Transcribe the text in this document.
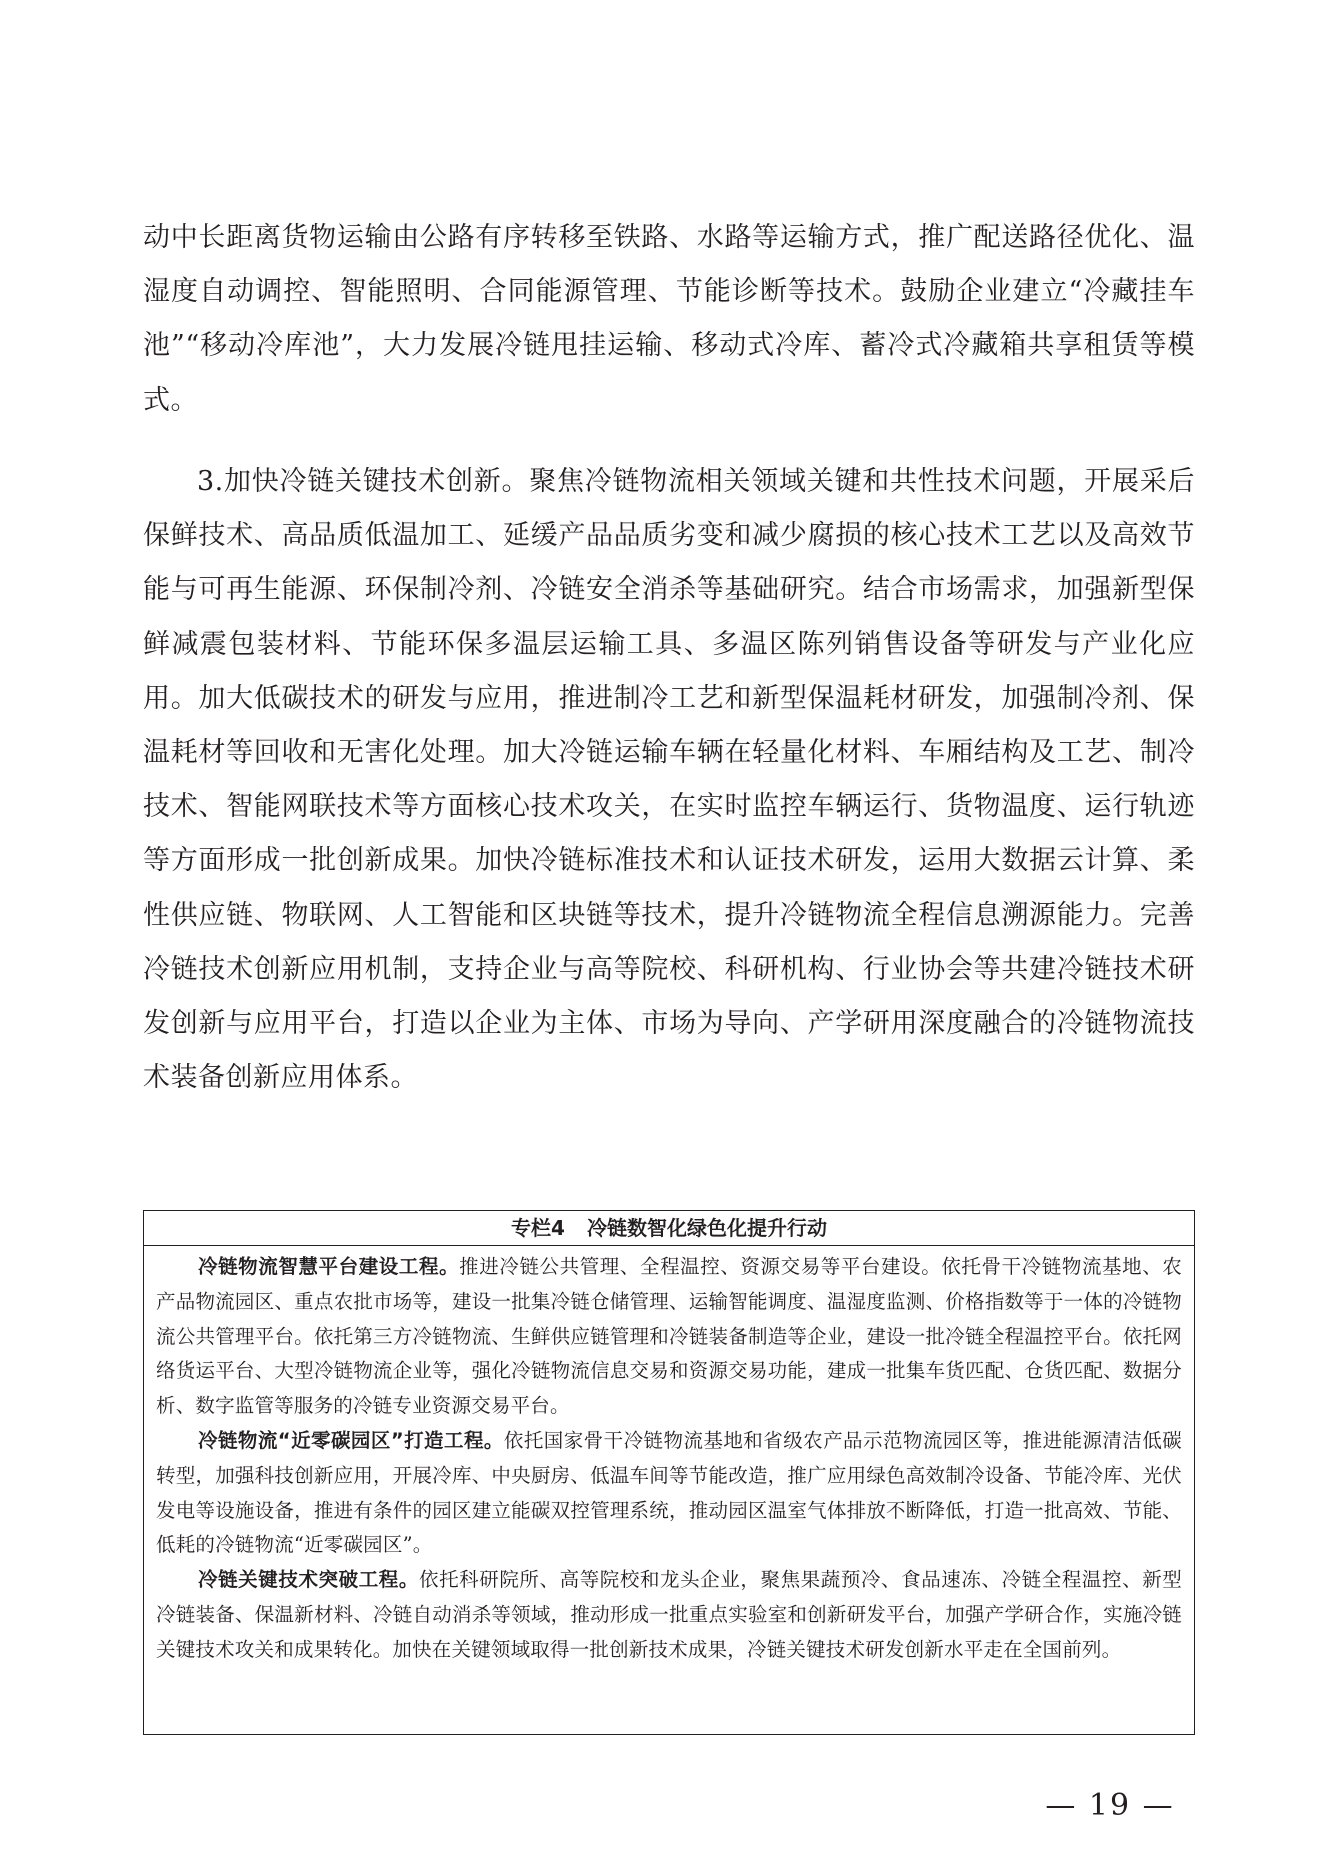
动中长距离货物运输由公路有序转移至铁路、水路等运输方式，推广配送路径优化、温湿度自动调控、智能照明、合同能源管理、节能诊断等技术。鼓励企业建立“冷藏挂车池”“移动冷库池”，大力发展冷链甩挂运输、移动式冷库、蓄冷式冷藏箱共享租赁等模式。

3.加快冷链关键技术创新。聚焦冷链物流相关领域关键和共性技术问题，开展采后保鲜技术、高品质低温加工、延缓产品品质劣变和减少腐损的核心技术工艺以及高效节能与可再生能源、环保制冷剂、冷链安全消杀等基础研究。结合市场需求，加强新型保鲜减震包装材料、节能环保多温层运输工具、多温区陈列销售设备等研发与产业化应用。加大低碳技术的研发与应用，推进制冷工艺和新型保温耗材研发，加强制冷剂、保温耗材等回收和无害化处理。加大冷链运输车辆在轻量化材料、车厢结构及工艺、制冷技术、智能网联技术等方面核心技术攻关，在实时监控车辆运行、货物温度、运行轨迹等方面形成一批创新成果。加快冷链标准技术和认证技术研发，运用大数据云计算、柔性供应链、物联网、人工智能和区块链等技术，提升冷链物流全程信息溯源能力。完善冷链技术创新应用机制，支持企业与高等院校、科研机构、行业协会等共建冷链技术研发创新与应用平台，打造以企业为主体、市场为导向、产学研用深度融合的冷链物流技术装备创新应用体系。

专栏4 冷链数智化绿色化提升行动

冷链物流智慧平台建设工程。推进冷链公共管理、全程温控、资源交易等平台建设。依托骨干冷链物流基地、农产品物流园区、重点农批市场等，建设一批集冷链仓储管理、运输智能调度、温湿度监测、价格指数等于一体的冷链物流公共管理平台。依托第三方冷链物流、生鲜供应链管理和冷链装备制造等企业，建设一批冷链全程温控平台。依托网络货运平台、大型冷链物流企业等，强化冷链物流信息交易和资源交易功能，建成一批集车货匹配、仓货匹配、数据分析、数字监管等服务的冷链专业资源交易平台。

冷链物流“近零碳园区”打造工程。依托国家骨干冷链物流基地和省级农产品示范物流园区等，推进能源清洁低碳转型，加强科技创新应用，开展冷库、中央厨房、低温车间等节能改造，推广应用绿色高效制冷设备、节能冷库、光伏发电等设施设备，推进有条件的园区建立能碳双控管理系统，推动园区温室气体排放不断降低，打造一批高效、节能、低耗的冷链物流“近零碳园区”。

冷链关键技术突破工程。依托科研院所、高等院校和龙头企业，聚焦果蔬预冷、食品速冻、冷链全程温控、新型冷链装备、保温新材料、冷链自动消杀等领域，推动形成一批重点实验室和创新研发平台，加强产学研合作，实施冷链关键技术攻关和成果转化。加快在关键领域取得一批创新技术成果，冷链关键技术研发创新水平走在全国前列。

— 19 —
